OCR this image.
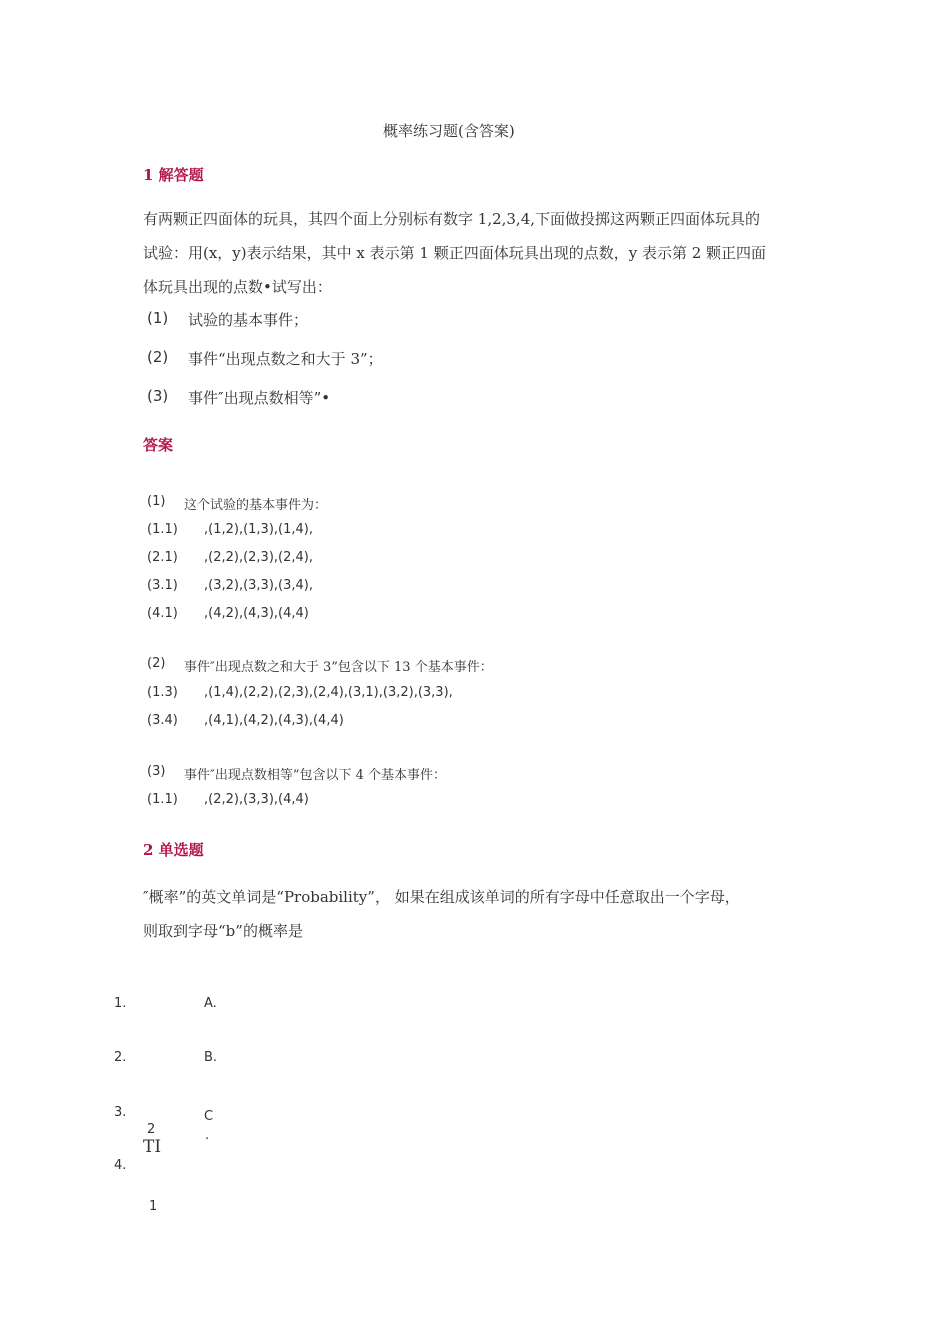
概率练习题(含答案)
1 解答题
有两颗正四面体的玩具，其四个面上分别标有数字 1,2,3,4,下面做投掷这两颗正四面体玩具的
试验：用(x，y)表示结果，其中 x 表示第 1 颗正四面体玩具出现的点数，y 表示第 2 颗正四面
体玩具出现的点数•试写出：
(1) 试验的基本事件；
(2) 事件“出现点数之和大于 3”；
(3) 事件″出现点数相等”•
答案
(1) 这个试验的基本事件为：
(1.1) ,(1,2),(1,3),(1,4),
(2.1) ,(2,2),(2,3),(2,4),
(3.1) ,(3,2),(3,3),(3,4),
(4.1) ,(4,2),(4,3),(4,4)
(2) 事件″出现点数之和大于 3”包含以下 13 个基本事件：
(1.3) ,(1,4),(2,2),(2,3),(2,4),(3,1),(3,2),(3,3),
(3.4) ,(4,1),(4,2),(4,3),(4,4)
(3) 事件″出现点数相等”包含以下 4 个基本事件：
(1.1) ,(2,2),(3,3),(4,4)
2 单选题
″概率”的英文单词是“Probability”， 如果在组成该单词的所有字母中任意取出一个字母，
则取到字母“b”的概率是
1.	A.
2.	B.
3.	C
.
2
TI
4.
1
